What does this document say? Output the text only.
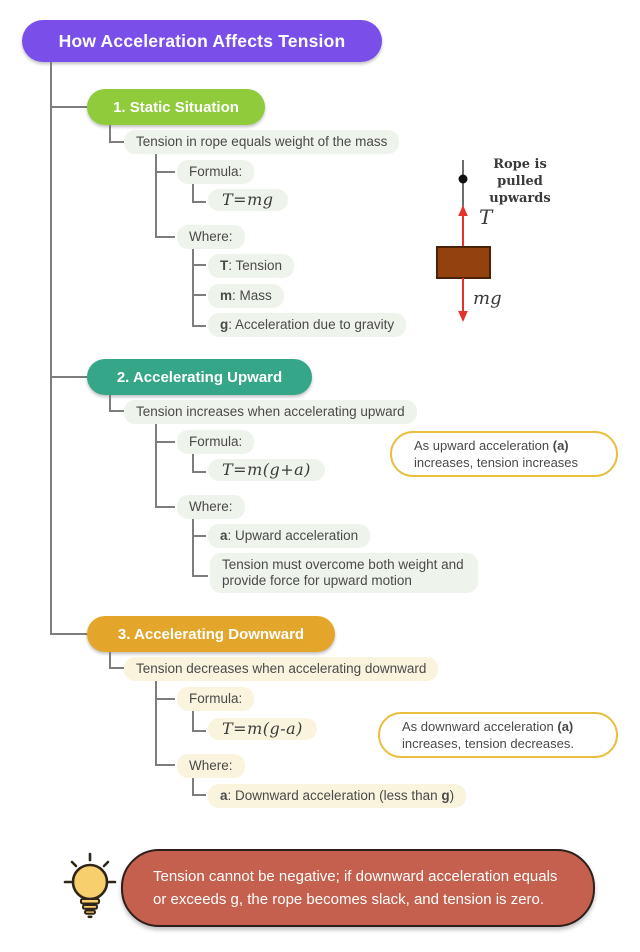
How Acceleration Affects Tension
1. Static Situation
Tension in rope equals weight of the mass
Formula:
T=mg
Where:
T: Tension
m: Mass
g: Acceleration due to gravity
Rope is pulled upwards
T
mg
2. Accelerating Upward
Tension increases when accelerating upward
Formula:
T=m(g+a)
Where:
a: Upward acceleration
Tension must overcome both weight and provide force for upward motion
As upward acceleration (a) increases, tension increases
3. Accelerating Downward
Tension decreases when accelerating downward
Formula:
T=m(g-a)
Where:
a: Downward acceleration (less than g)
As downward acceleration (a) increases, tension decreases.
Tension cannot be negative; if downward acceleration equals or exceeds g, the rope becomes slack, and tension is zero.
